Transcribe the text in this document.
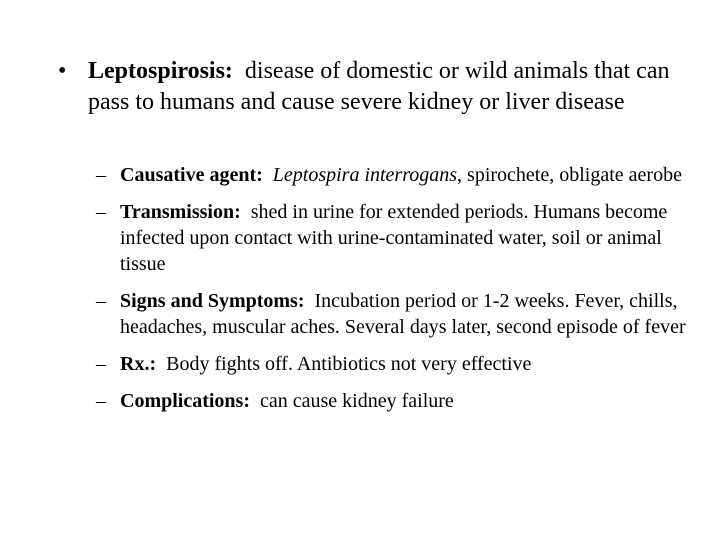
• Leptospirosis: disease of domestic or wild animals that can pass to humans and cause severe kidney or liver disease
– Causative agent: Leptospira interrogans, spirochete, obligate aerobe
– Transmission: shed in urine for extended periods. Humans become infected upon contact with urine-contaminated water, soil or animal tissue
– Signs and Symptoms: Incubation period or 1-2 weeks. Fever, chills, headaches, muscular aches. Several days later, second episode of fever
– Rx.: Body fights off. Antibiotics not very effective
– Complications: can cause kidney failure
